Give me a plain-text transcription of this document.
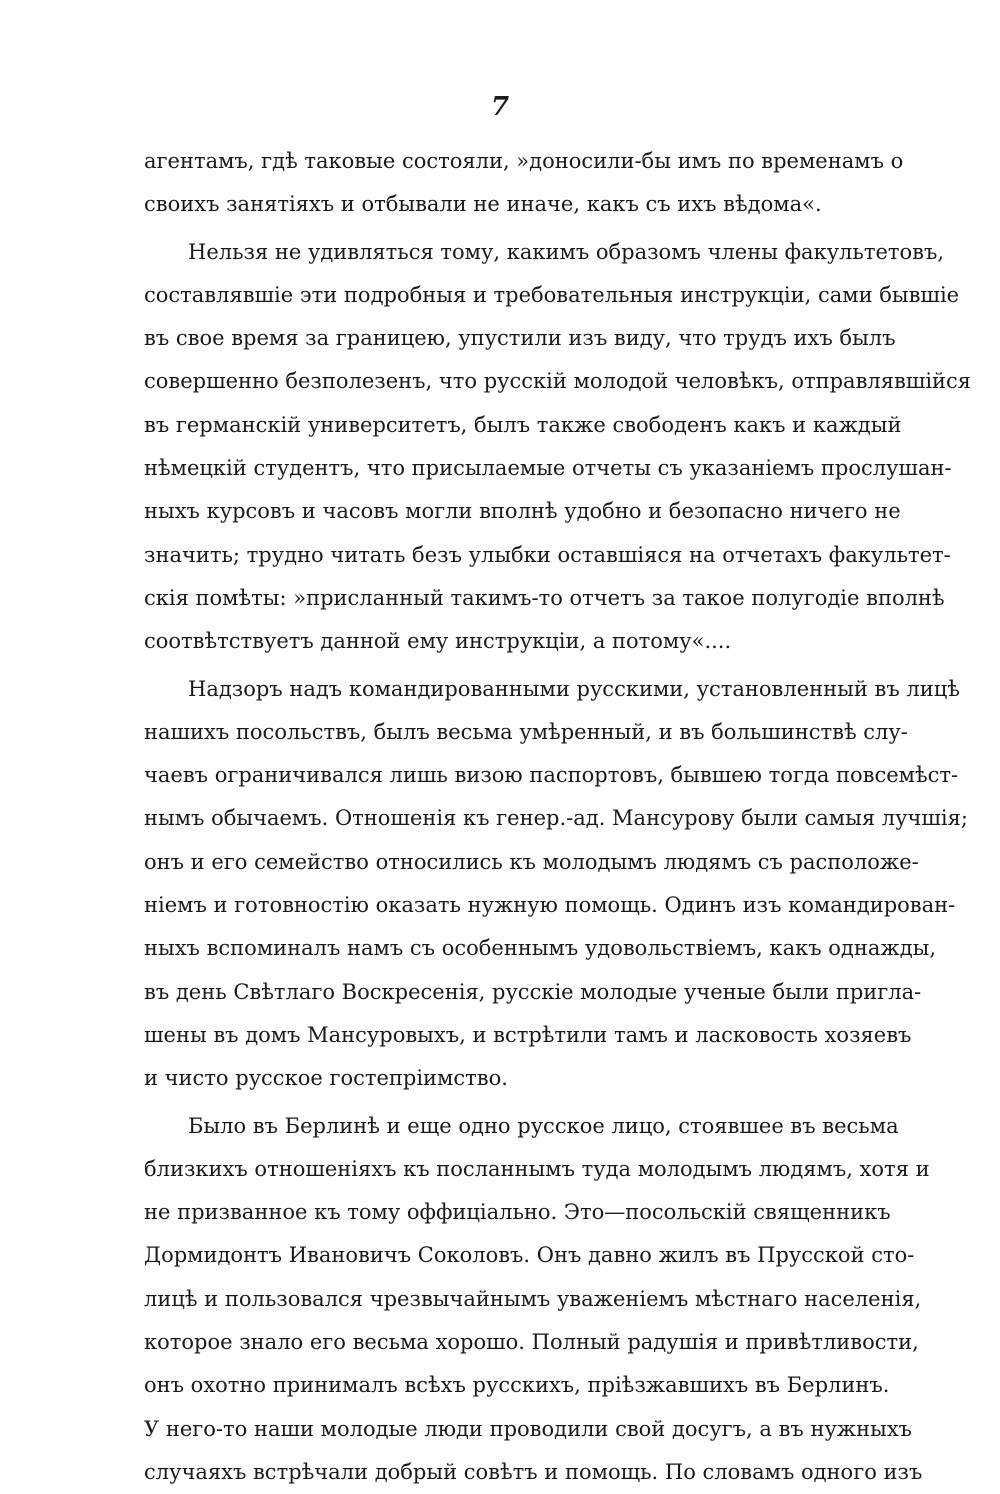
7
агентамъ, гдѣ таковые состояли, »доносили-бы имъ по временамъ о
своихъ занятіяхъ и отбывали не иначе, какъ съ ихъ вѣдома«.
Нельзя не удивляться тому, какимъ образомъ члены факультетовъ,
составлявшіе эти подробныя и требовательныя инструкціи, сами бывшіе
въ свое время за границею, упустили изъ виду, что трудъ ихъ былъ
совершенно безполезенъ, что русскій молодой человѣкъ, отправлявшійся
въ германскій университетъ, былъ также свободенъ какъ и каждый
нѣмецкій студентъ, что присылаемые отчеты съ указаніемъ прослушан-
ныхъ курсовъ и часовъ могли вполнѣ удобно и безопасно ничего не
значить; трудно читать безъ улыбки оставшіяся на отчетахъ факультет-
скія помѣты: »присланный такимъ-то отчетъ за такое полугодіе вполнѣ
соотвѣтствуетъ данной ему инструкціи, а потому«....
Надзоръ надъ командированными русскими, установленный въ лицѣ
нашихъ посольствъ, былъ весьма умѣренный, и въ большинствѣ слу-
чаевъ ограничивался лишь визою паспортовъ, бывшею тогда повсемѣст-
нымъ обычаемъ. Отношенія къ генер.-ад. Мансурову были самыя лучшія;
онъ и его семейство относились къ молодымъ людямъ съ расположе-
ніемъ и готовностію оказать нужную помощь. Одинъ изъ командирован-
ныхъ вспоминалъ намъ съ особеннымъ удовольствіемъ, какъ однажды,
въ день Свѣтлаго Воскресенія, русскіе молодые ученые были пригла-
шены въ домъ Мансуровыхъ, и встрѣтили тамъ и ласковость хозяевъ
и чисто русское гостепріимство.
Было въ Берлинѣ и еще одно русское лицо, стоявшее въ весьма
близкихъ отношеніяхъ къ посланнымъ туда молодымъ людямъ, хотя и
не призванное къ тому оффиціально. Это—посольскій священникъ
Дормидонтъ Ивановичъ Соколовъ. Онъ давно жилъ въ Прусской сто-
лицѣ и пользовался чрезвычайнымъ уваженіемъ мѣстнаго населенія,
которое знало его весьма хорошо. Полный радушія и привѣтливости,
онъ охотно принималъ всѣхъ русскихъ, пріѣзжавшихъ въ Берлинъ.
У него-то наши молодые люди проводили свой досугъ, а въ нужныхъ
случаяхъ встрѣчали добрый совѣтъ и помощь. По словамъ одного изъ
